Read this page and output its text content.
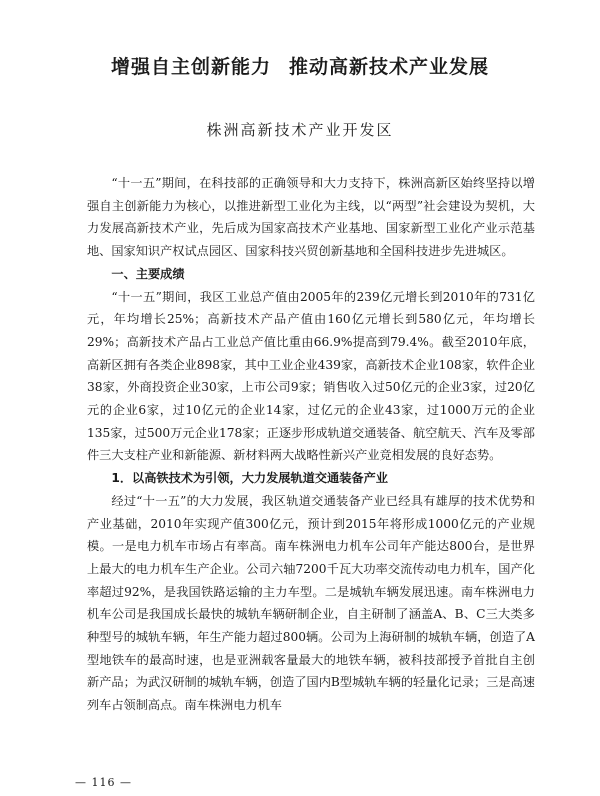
增强自主创新能力 推动高新技术产业发展
株洲高新技术产业开发区

“十一五”期间，在科技部的正确领导和大力支持下，株洲高新区始终坚持以增强自主创新能力为核心，以推进新型工业化为主线，以“两型”社会建设为契机，大力发展高新技术产业，先后成为国家高技术产业基地、国家新型工业化产业示范基地、国家知识产权试点园区、国家科技兴贸创新基地和全国科技进步先进城区。

一、主要成绩

“十一五”期间，我区工业总产值由2005年的239亿元增长到2010年的731亿元，年均增长25%；高新技术产品产值由160亿元增长到580亿元，年均增长29%；高新技术产品占工业总产值比重由66.9%提高到79.4%。截至2010年底，高新区拥有各类企业898家，其中工业企业439家，高新技术企业108家，软件企业38家，外商投资企业30家，上市公司9家；销售收入过50亿元的企业3家，过20亿元的企业6家，过10亿元的企业14家，过亿元的企业43家，过1000万元的企业135家，过500万元企业178家；正逐步形成轨道交通装备、航空航天、汽车及零部件三大支柱产业和新能源、新材料两大战略性新兴产业竞相发展的良好态势。

1．以高铁技术为引领，大力发展轨道交通装备产业

经过“十一五”的大力发展，我区轨道交通装备产业已经具有雄厚的技术优势和产业基础，2010年实现产值300亿元，预计到2015年将形成1000亿元的产业规模。一是电力机车市场占有率高。南车株洲电力机车公司年产能达800台，是世界上最大的电力机车生产企业。公司六轴7200千瓦大功率交流传动电力机车，国产化率超过92%，是我国铁路运输的主力车型。二是城轨车辆发展迅速。南车株洲电力机车公司是我国成长最快的城轨车辆研制企业，自主研制了涵盖A、B、C三大类多种型号的城轨车辆，年生产能力超过800辆。公司为上海研制的城轨车辆，创造了A型地铁车的最高时速，也是亚洲载客量最大的地铁车辆，被科技部授予首批自主创新产品；为武汉研制的城轨车辆，创造了国内B型城轨车辆的轻量化记录；三是高速列车占领制高点。南车株洲电力机车

— 116 —
